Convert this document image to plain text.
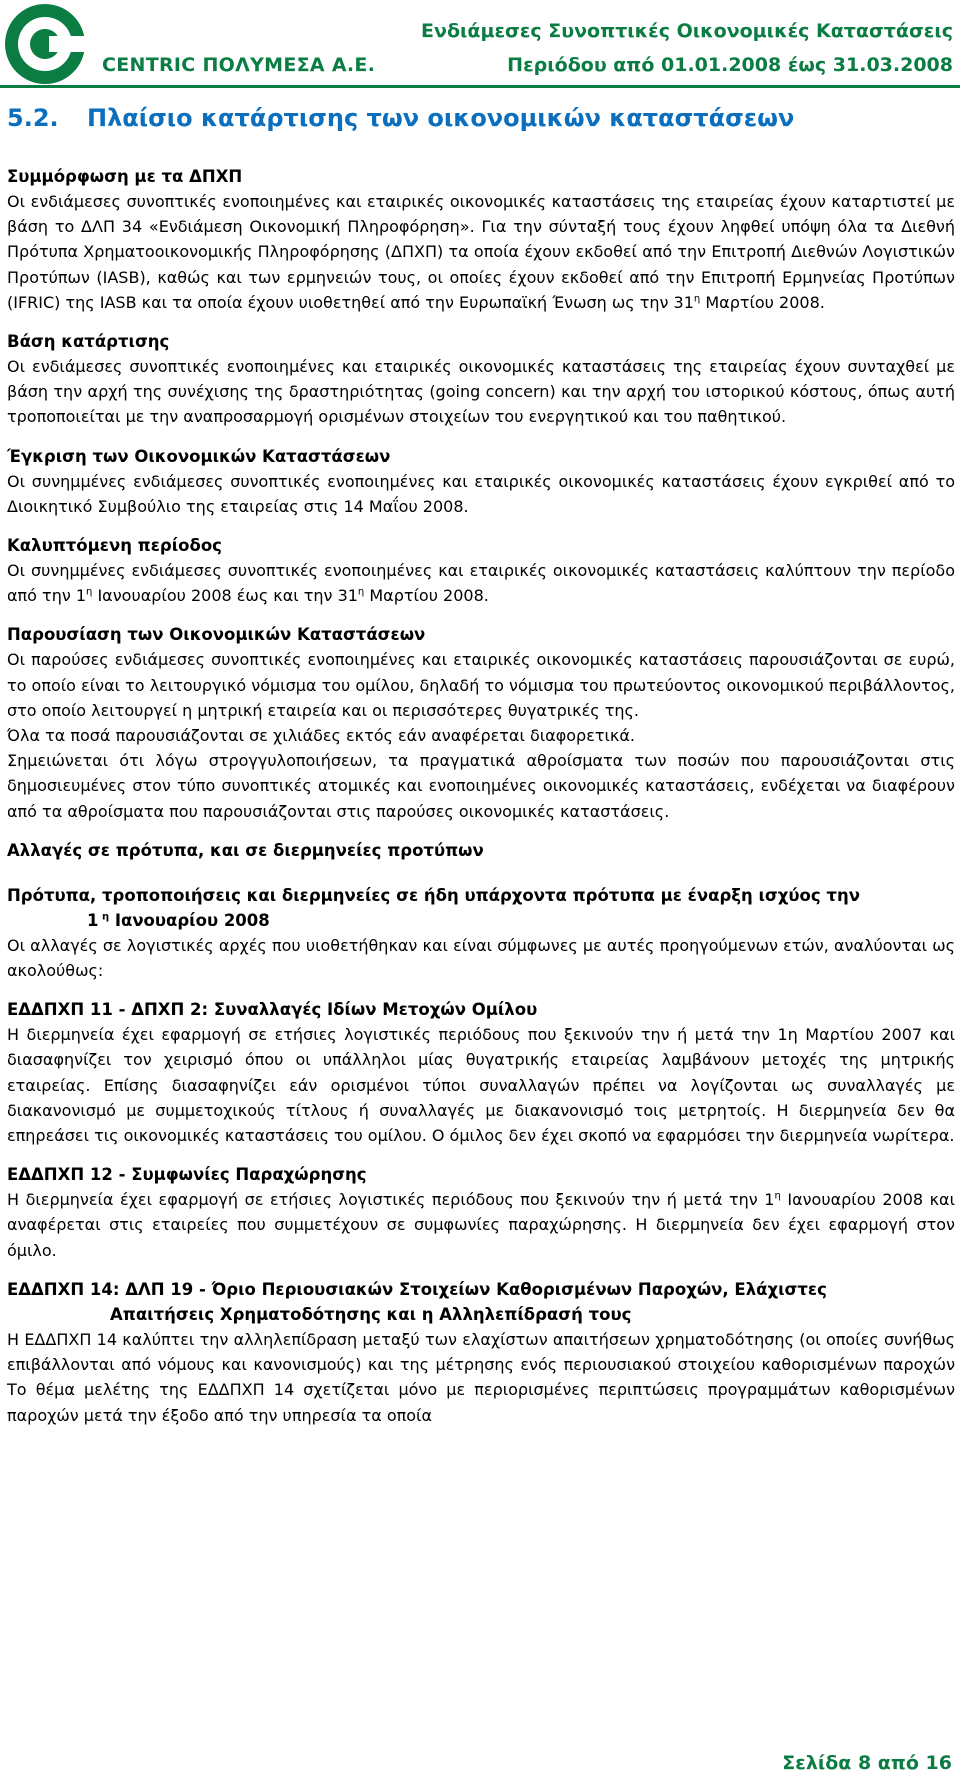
CENTRIC ΠΟΛΥΜΕΣΑ Α.Ε.
Ενδιάμεσες Συνοπτικές Οικονομικές Καταστάσεις
Περιόδου από 01.01.2008 έως 31.03.2008
5.2. Πλαίσιο κατάρτισης των οικονομικών καταστάσεων
Συμμόρφωση με τα ΔΠΧΠ

Οι ενδιάμεσες συνοπτικές ενοποιημένες και εταιρικές οικονομικές καταστάσεις της εταιρείας έχουν καταρτιστεί με βάση το ΔΛΠ 34 «Ενδιάμεση Οικονομική Πληροφόρηση». Για την σύνταξή τους έχουν ληφθεί υπόψη όλα τα Διεθνή Πρότυπα Χρηματοοικονομικής Πληροφόρησης (ΔΠΧΠ) τα οποία έχουν εκδοθεί από την Επιτροπή Διεθνών Λογιστικών Προτύπων (IASB), καθώς και των ερμηνειών τους, οι οποίες έχουν εκδοθεί από την Επιτροπή Ερμηνείας Προτύπων (IFRIC) της IASB και τα οποία έχουν υιοθετηθεί από την Ευρωπαϊκή Ένωση ως την $31^\eta$ Μαρτίου 2008.

Βάση κατάρτισης

Οι ενδιάμεσες συνοπτικές ενοποιημένες και εταιρικές οικονομικές καταστάσεις της εταιρείας έχουν συνταχθεί με βάση την αρχή της συνέχισης της δραστηριότητας (going concern) και την αρχή του ιστορικού κόστους, όπως αυτή τροποποιείται με την αναπροσαρμογή ορισμένων στοιχείων του ενεργητικού και του παθητικού.

Έγκριση των Οικονομικών Καταστάσεων

Οι συνημμένες ενδιάμεσες συνοπτικές ενοποιημένες και εταιρικές οικονομικές καταστάσεις έχουν εγκριθεί από το Διοικητικό Συμβούλιο της εταιρείας στις 14 Μαΐου 2008.

Καλυπτόμενη περίοδος

Οι συνημμένες ενδιάμεσες συνοπτικές ενοποιημένες και εταιρικές οικονομικές καταστάσεις καλύπτουν την περίοδο από την $1^\eta$ Ιανουαρίου 2008 έως και την $31^\eta$ Μαρτίου 2008.

Παρουσίαση των Οικονομικών Καταστάσεων

Οι παρούσες ενδιάμεσες συνοπτικές ενοποιημένες και εταιρικές οικονομικές καταστάσεις παρουσιάζονται σε ευρώ, το οποίο είναι το λειτουργικό νόμισμα του ομίλου, δηλαδή το νόμισμα του πρωτεύοντος οικονομικού περιβάλλοντος, στο οποίο λειτουργεί η μητρική εταιρεία και οι περισσότερες θυγατρικές της.

Όλα τα ποσά παρουσιάζονται σε χιλιάδες εκτός εάν αναφέρεται διαφορετικά.

Σημειώνεται ότι λόγω στρογγυλοποιήσεων, τα πραγματικά αθροίσματα των ποσών που παρουσιάζονται στις δημοσιευμένες στον τύπο συνοπτικές ατομικές και ενοποιημένες οικονομικές καταστάσεις, ενδέχεται να διαφέρουν από τα αθροίσματα που παρουσιάζονται στις παρούσες οικονομικές καταστάσεις.

Αλλαγές σε πρότυπα, και σε διερμηνείες προτύπων
Πρότυπα, τροποποιήσεις και διερμηνείες σε ήδη υπάρχοντα πρότυπα με έναρξη ισχύος την

1 $^\eta$ Ιανουαρίου 2008

Οι αλλαγές σε λογιστικές αρχές που υιοθετήθηκαν και είναι σύμφωνες με αυτές προηγούμενων ετών, αναλύονται ως ακολούθως:

ΕΔΔΠΧΠ 11 - ΔΠΧΠ 2: Συναλλαγές Ιδίων Μετοχών Ομίλου

Η διερμηνεία έχει εφαρμογή σε ετήσιες λογιστικές περιόδους που ξεκινούν την ή μετά την 1η Μαρτίου 2007 και διασαφηνίζει τον χειρισμό όπου οι υπάλληλοι μίας θυγατρικής εταιρείας λαμβάνουν μετοχές της μητρικής εταιρείας. Επίσης διασαφηνίζει εάν ορισμένοι τύποι συναλλαγών πρέπει να λογίζονται ως συναλλαγές με διακανονισμό με συμμετοχικούς τίτλους ή συναλλαγές με διακανονισμό τοις μετρητοίς. Η διερμηνεία δεν θα επηρεάσει τις οικονομικές καταστάσεις του ομίλου. Ο όμιλος δεν έχει σκοπό να εφαρμόσει την διερμηνεία νωρίτερα.

ΕΔΔΠΧΠ 12 - Συμφωνίες Παραχώρησης

Η διερμηνεία έχει εφαρμογή σε ετήσιες λογιστικές περιόδους που ξεκινούν την ή μετά την $1^\eta$ Ιανουαρίου 2008 και αναφέρεται στις εταιρείες που συμμετέχουν σε συμφωνίες παραχώρησης. Η διερμηνεία δεν έχει εφαρμογή στον όμιλο.

ΕΔΔΠΧΠ 14: ΔΛΠ 19 - Όριο Περιουσιακών Στοιχείων Καθορισμένων Παροχών, Ελάχιστες
Απαιτήσεις Χρηματοδότησης και η Αλληλεπίδρασή τους

Η ΕΔΔΠΧΠ 14 καλύπτει την αλληλεπίδραση μεταξύ των ελαχίστων απαιτήσεων χρηματοδότησης (οι οποίες συνήθως επιβάλλονται από νόμους και κανονισμούς) και της μέτρησης ενός περιουσιακού στοιχείου καθορισμένων παροχών Το θέμα μελέτης της ΕΔΔΠΧΠ 14 σχετίζεται μόνο με περιορισμένες περιπτώσεις προγραμμάτων καθορισμένων παροχών μετά την έξοδο από την υπηρεσία τα οποία

Σελίδα 8 από 16
